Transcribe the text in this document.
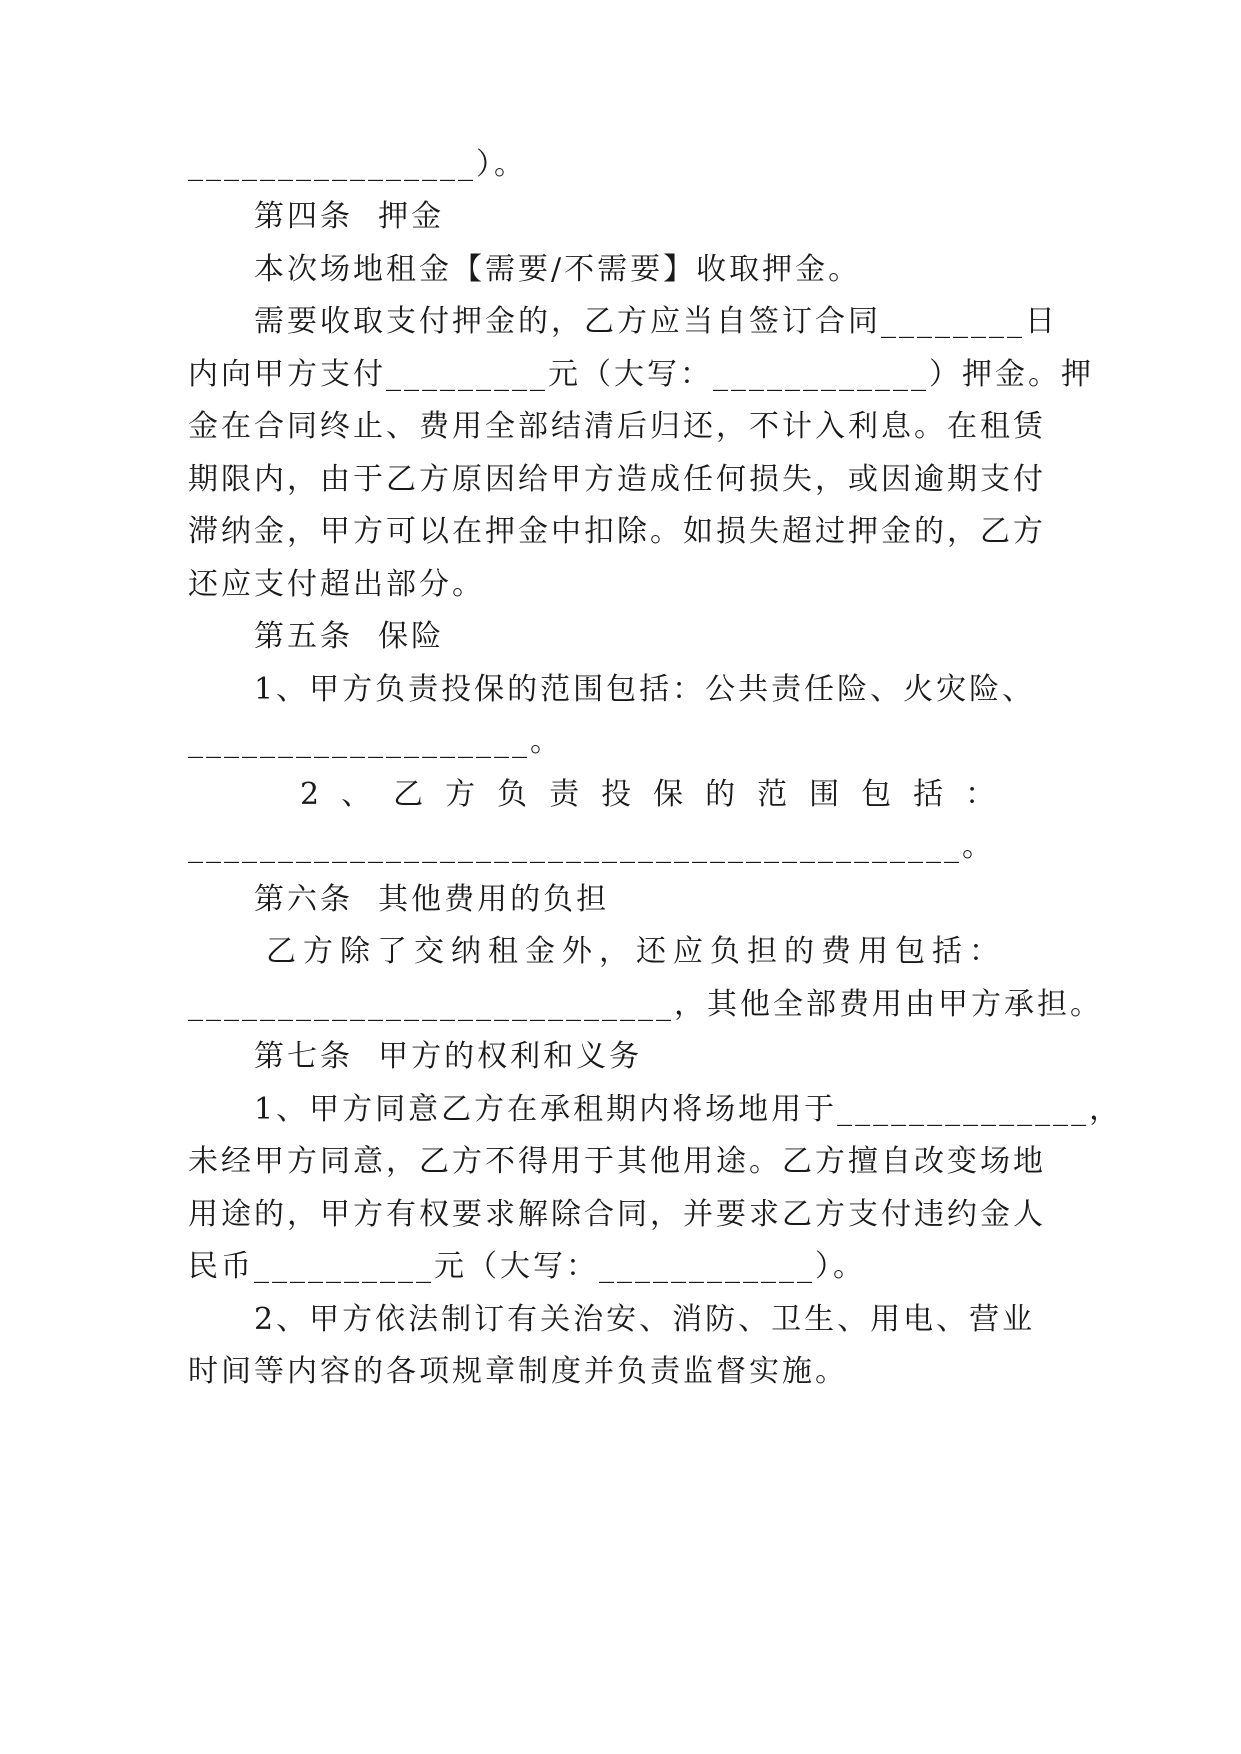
________________）。
第四条  押金
本次场地租金【需要/不需要】收取押金。
需要收取支付押金的，乙方应当自签订合同________日
内向甲方支付_________元（大写：____________）押金。押
金在合同终止、费用全部结清后归还，不计入利息。在租赁
期限内，由于乙方原因给甲方造成任何损失，或因逾期支付
滞纳金，甲方可以在押金中扣除。如损失超过押金的，乙方
还应支付超出部分。
第五条  保险
1、甲方负责投保的范围包括：公共责任险、火灾险、
___________________。
2、乙方负责投保的范围包括：
___________________________________________。
第六条  其他费用的负担
乙方除了交纳租金外，还应负担的费用包括：
___________________________，其他全部费用由甲方承担。
第七条  甲方的权利和义务
1、甲方同意乙方在承租期内将场地用于______________，
未经甲方同意，乙方不得用于其他用途。乙方擅自改变场地
用途的，甲方有权要求解除合同，并要求乙方支付违约金人
民币__________元（大写：____________）。
2、甲方依法制订有关治安、消防、卫生、用电、营业
时间等内容的各项规章制度并负责监督实施。
